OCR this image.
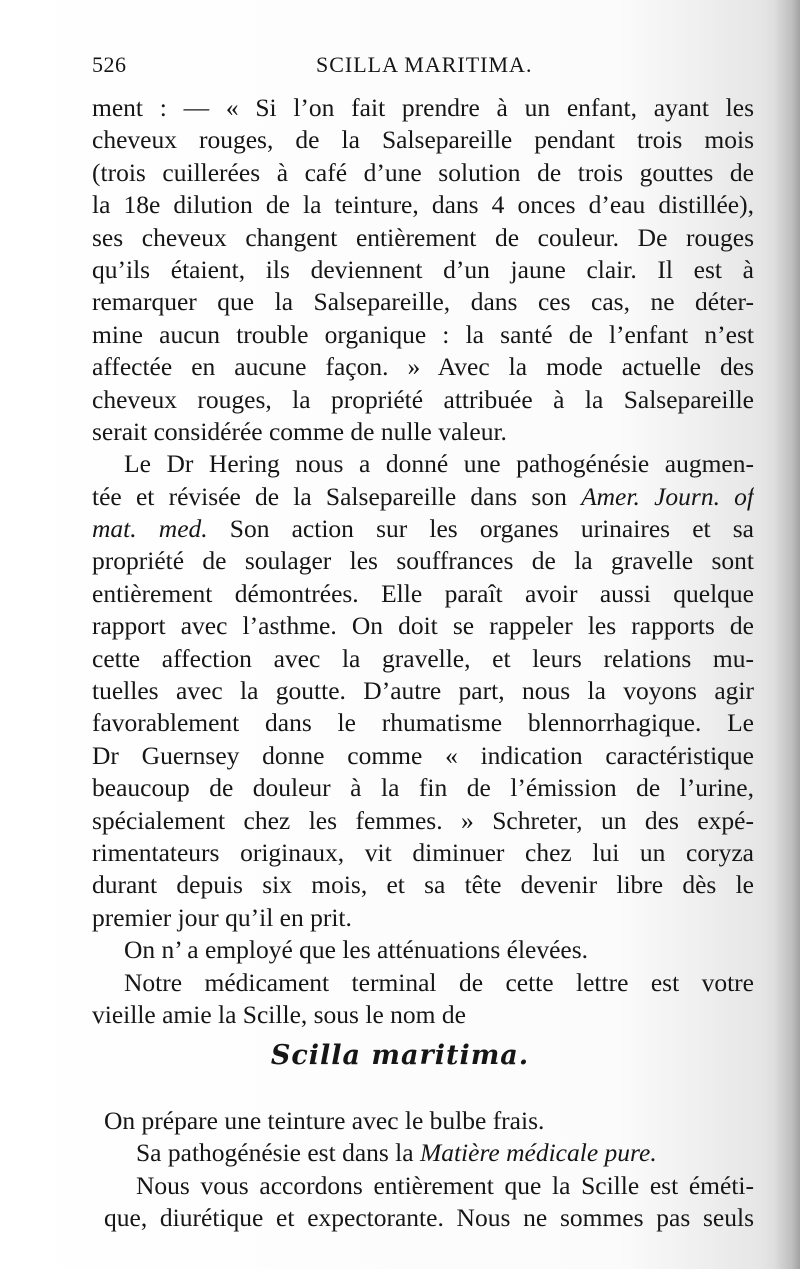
526	SCILLA MARITIMA.
ment : — « Si l’on fait prendre à un enfant, ayant les
cheveux rouges, de la Salsepareille pendant trois mois
(trois cuillerées à café d’une solution de trois gouttes de
la 18e dilution de la teinture, dans 4 onces d’eau distillée),
ses cheveux changent entièrement de couleur. De rouges
qu’ils étaient, ils deviennent d’un jaune clair. Il est à
remarquer que la Salsepareille, dans ces cas, ne déter-
mine aucun trouble organique : la santé de l’enfant n’est
affectée en aucune façon. » Avec la mode actuelle des
cheveux rouges, la propriété attribuée à la Salsepareille
serait considérée comme de nulle valeur.
Le Dr Hering nous a donné une pathogénésie augmen-
tée et révisée de la Salsepareille dans son Amer. Journ. of
mat. med. Son action sur les organes urinaires et sa
propriété de soulager les souffrances de la gravelle sont
entièrement démontrées. Elle paraît avoir aussi quelque
rapport avec l’asthme. On doit se rappeler les rapports de
cette affection avec la gravelle, et leurs relations mu-
tuelles avec la goutte. D’autre part, nous la voyons agir
favorablement dans le rhumatisme blennorrhagique. Le
Dr Guernsey donne comme « indication caractéristique
beaucoup de douleur à la fin de l’émission de l’urine,
spécialement chez les femmes. » Schreter, un des expé-
rimentateurs originaux, vit diminuer chez lui un coryza
durant depuis six mois, et sa tête devenir libre dès le
premier jour qu’il en prit.
On n’ a employé que les atténuations élevées.
Notre médicament terminal de cette lettre est votre
vieille amie la Scille, sous le nom de
Scilla maritima.
On prépare une teinture avec le bulbe frais.
Sa pathogénésie est dans la Matière médicale pure.
Nous vous accordons entièrement que la Scille est éméti-
que, diurétique et expectorante. Nous ne sommes pas seuls
